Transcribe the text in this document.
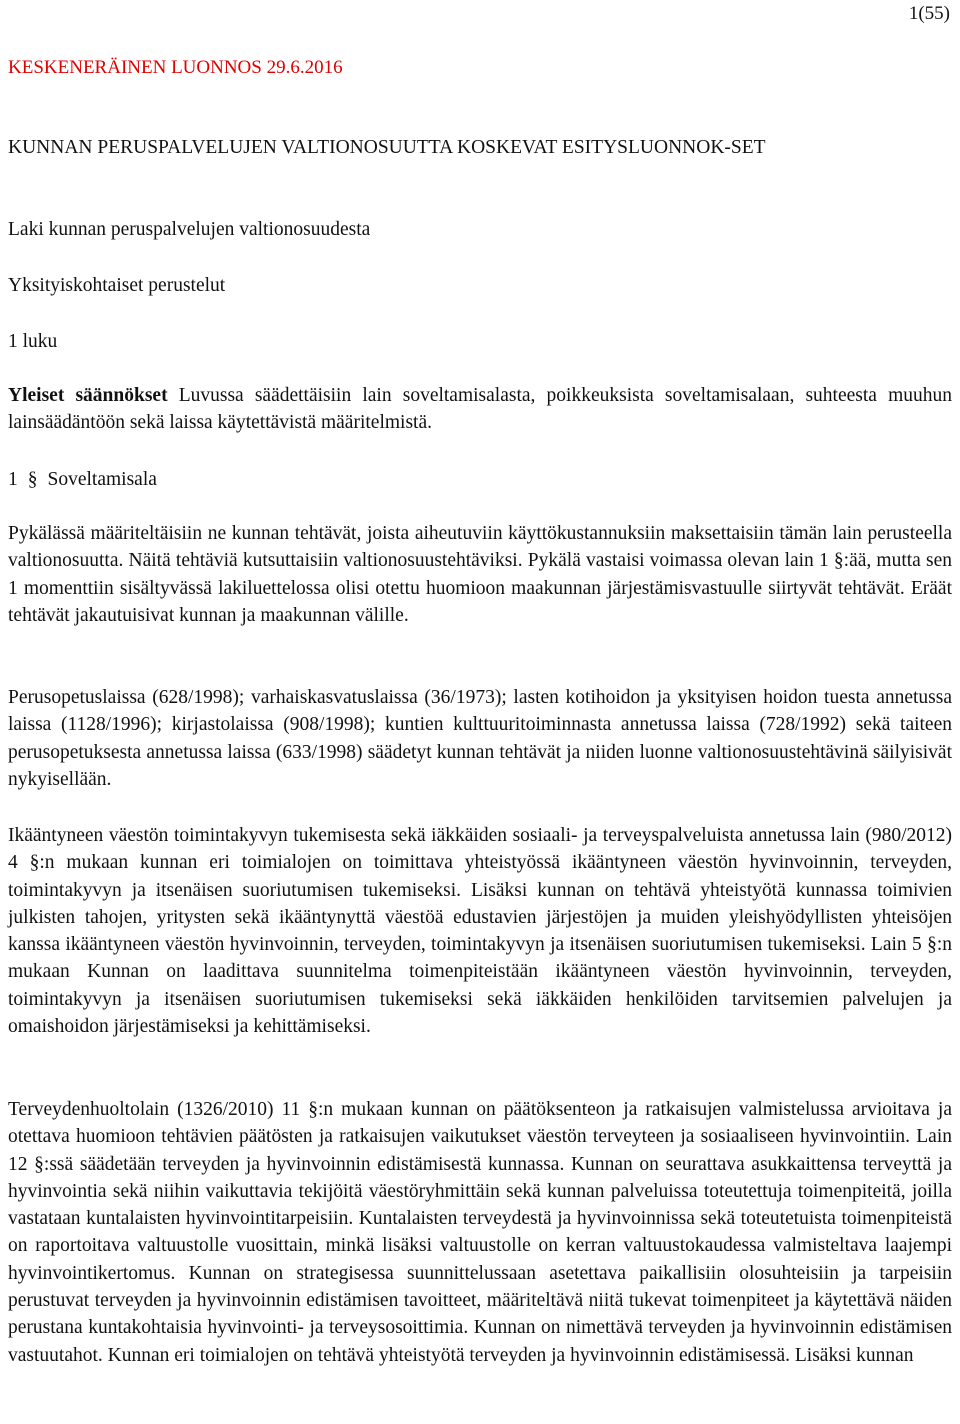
1(55)
KESKENERÄINEN LUONNOS 29.6.2016
KUNNAN PERUSPALVELUJEN VALTIONOSUUTTA KOSKEVAT ESITYSLUONNOK-SET
Laki kunnan peruspalvelujen valtionosuudesta
Yksityiskohtaiset perustelut
1 luku
Yleiset säännökset Luvussa säädettäisiin lain soveltamisalasta, poikkeuksista soveltamisalaan, suhteesta muuhun lainsäädäntöön sekä laissa käytettävistä määritelmistä.
1 § Soveltamisala
Pykälässä määriteltäisiin ne kunnan tehtävät, joista aiheutuviin käyttökustannuksiin maksettaisiin tämän lain perusteella valtionosuutta. Näitä tehtäviä kutsuttaisiin valtionosuustehtäviksi. Pykälä vastaisi voimassa olevan lain 1 §:ää, mutta sen 1 momenttiin sisältyvässä lakiluettelossa olisi otettu huomioon maakunnan järjestämisvastuulle siirtyvät tehtävät. Eräät tehtävät jakautuisivat kunnan ja maakunnan välille.
Perusopetuslaissa (628/1998); varhaiskasvatuslaissa (36/1973); lasten kotihoidon ja yksityisen hoidon tuesta annetussa laissa (1128/1996); kirjastolaissa (908/1998); kuntien kulttuuritoiminnasta annetussa laissa (728/1992) sekä taiteen perusopetuksesta annetussa laissa (633/1998) säädetyt kunnan tehtävät ja niiden luonne valtionosuustehtävinä säilyisivät nykyisellään.
Ikääntyneen väestön toimintakyvyn tukemisesta sekä iäkkäiden sosiaali- ja terveyspalveluista annetussa lain (980/2012) 4 §:n mukaan kunnan eri toimialojen on toimittava yhteistyössä ikääntyneen väestön hyvinvoinnin, terveyden, toimintakyvyn ja itsenäisen suoriutumisen tukemiseksi. Lisäksi kunnan on tehtävä yhteistyötä kunnassa toimivien julkisten tahojen, yritysten sekä ikääntynyttä väestöä edustavien järjestöjen ja muiden yleishyödyllisten yhteisöjen kanssa ikääntyneen väestön hyvinvoinnin, terveyden, toimintakyvyn ja itsenäisen suoriutumisen tukemiseksi. Lain 5 §:n mukaan Kunnan on laadittava suunnitelma toimenpiteistään ikääntyneen väestön hyvinvoinnin, terveyden, toimintakyvyn ja itsenäisen suoriutumisen tukemiseksi sekä iäkkäiden henkilöiden tarvitsemien palvelujen ja omaishoidon järjestämiseksi ja kehittämiseksi.
Terveydenhuoltolain (1326/2010) 11 §:n mukaan kunnan on päätöksenteon ja ratkaisujen valmistelussa arvioitava ja otettava huomioon tehtävien päätösten ja ratkaisujen vaikutukset väestön terveyteen ja sosiaaliseen hyvinvointiin. Lain 12 §:ssä säädetään terveyden ja hyvinvoinnin edistämisestä kunnassa. Kunnan on seurattava asukkaittensa terveyttä ja hyvinvointia sekä niihin vaikuttavia tekijöitä väestöryhmittäin sekä kunnan palveluissa toteutettuja toimenpiteitä, joilla vastataan kuntalaisten hyvinvointitarpeisiin. Kuntalaisten terveydestä ja hyvinvoinnissa sekä toteutetuista toimenpiteistä on raportoitava valtuustolle vuosittain, minkä lisäksi valtuustolle on kerran valtuustokaudessa valmisteltava laajempi hyvinvointikertomus. Kunnan on strategisessa suunnittelussaan asetettava paikallisiin olosuhteisiin ja tarpeisiin perustuvat terveyden ja hyvinvoinnin edistämisen tavoitteet, määriteltävä niitä tukevat toimenpiteet ja käytettävä näiden perustana kuntakohtaisia hyvinvointi- ja terveysosoittimia. Kunnan on nimettävä terveyden ja hyvinvoinnin edistämisen vastuutahot. Kunnan eri toimialojen on tehtävä yhteistyötä terveyden ja hyvinvoinnin edistämisessä. Lisäksi kunnan
